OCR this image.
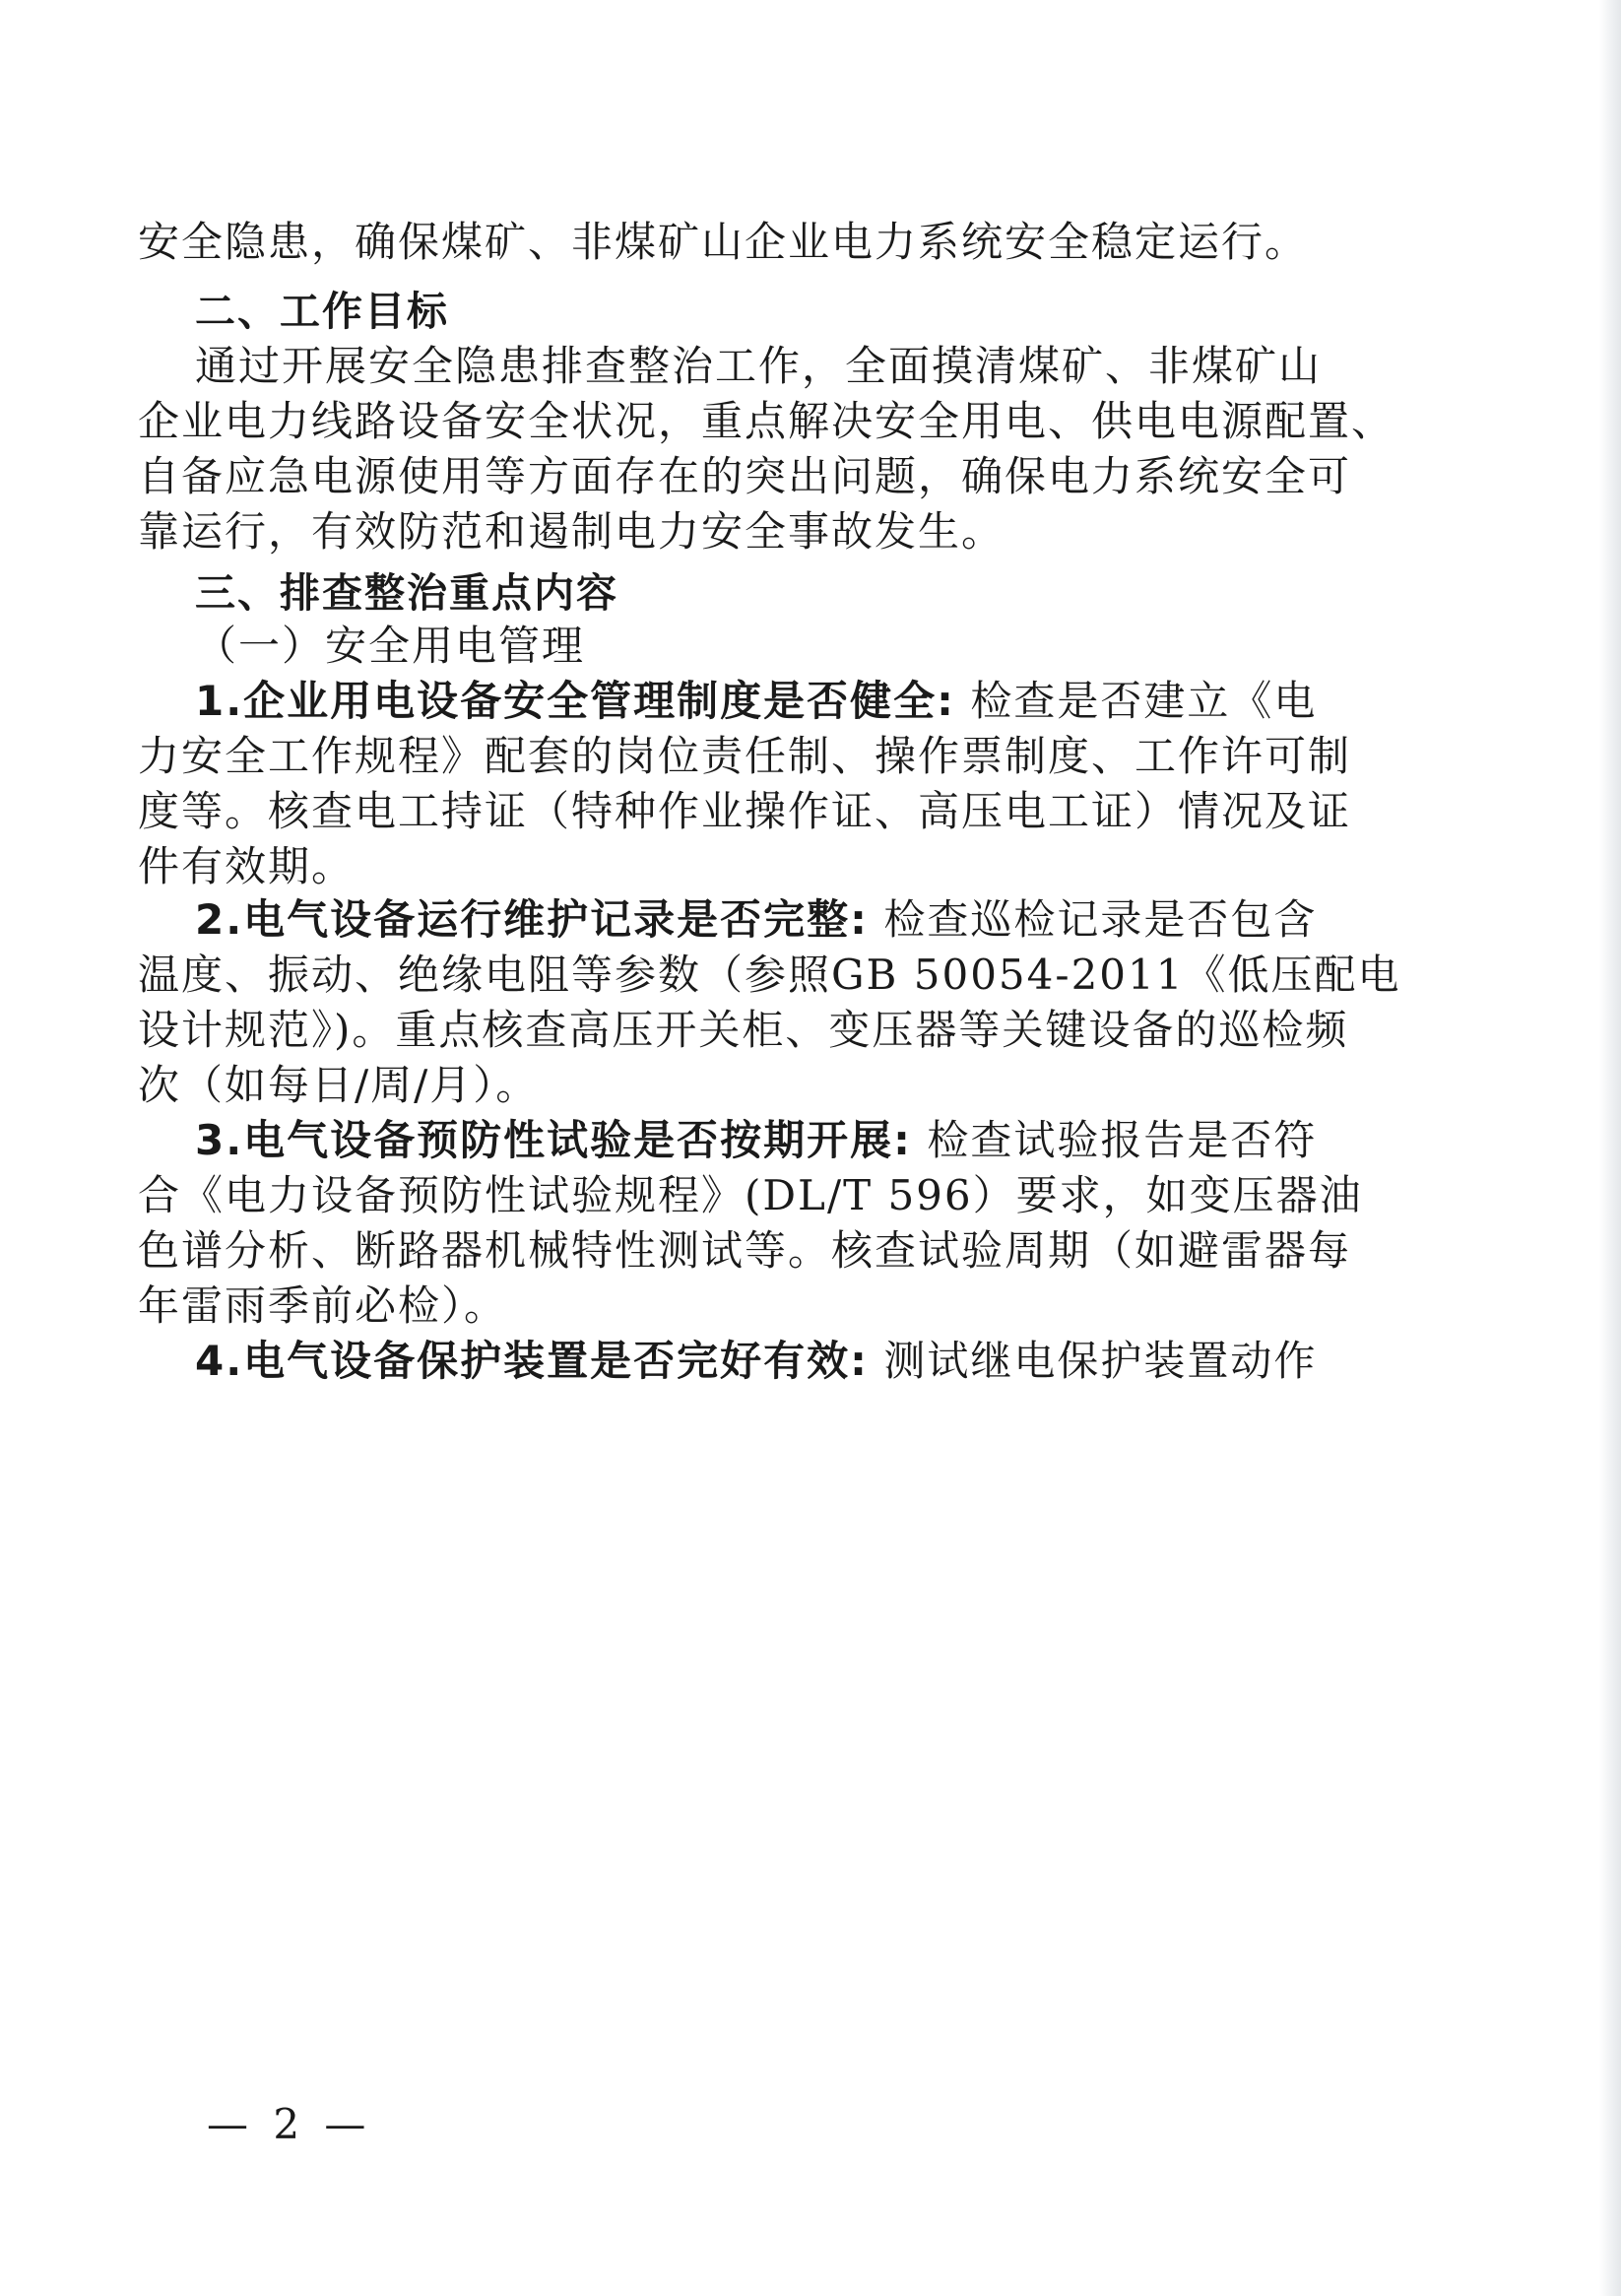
安全隐患，确保煤矿、非煤矿山企业电力系统安全稳定运行。
二、工作目标
通过开展安全隐患排查整治工作，全面摸清煤矿、非煤矿山
企业电力线路设备安全状况，重点解决安全用电、供电电源配置、
自备应急电源使用等方面存在的突出问题，确保电力系统安全可
靠运行，有效防范和遏制电力安全事故发生。
三、排查整治重点内容
（一）安全用电管理
1.企业用电设备安全管理制度是否健全: 检查是否建立《电
力安全工作规程》配套的岗位责任制、操作票制度、工作许可制
度等。核查电工持证（特种作业操作证、高压电工证）情况及证
件有效期。
2.电气设备运行维护记录是否完整: 检查巡检记录是否包含
温度、振动、绝缘电阻等参数（参照GB 50054-2011《低压配电
设计规范》)。重点核查高压开关柜、变压器等关键设备的巡检频
次（如每日/周/月）。
3.电气设备预防性试验是否按期开展: 检查试验报告是否符
合《电力设备预防性试验规程》(DL/T 596）要求，如变压器油
色谱分析、断路器机械特性测试等。核查试验周期（如避雷器每
年雷雨季前必检）。
4.电气设备保护装置是否完好有效: 测试继电保护装置动作
— 2 —
